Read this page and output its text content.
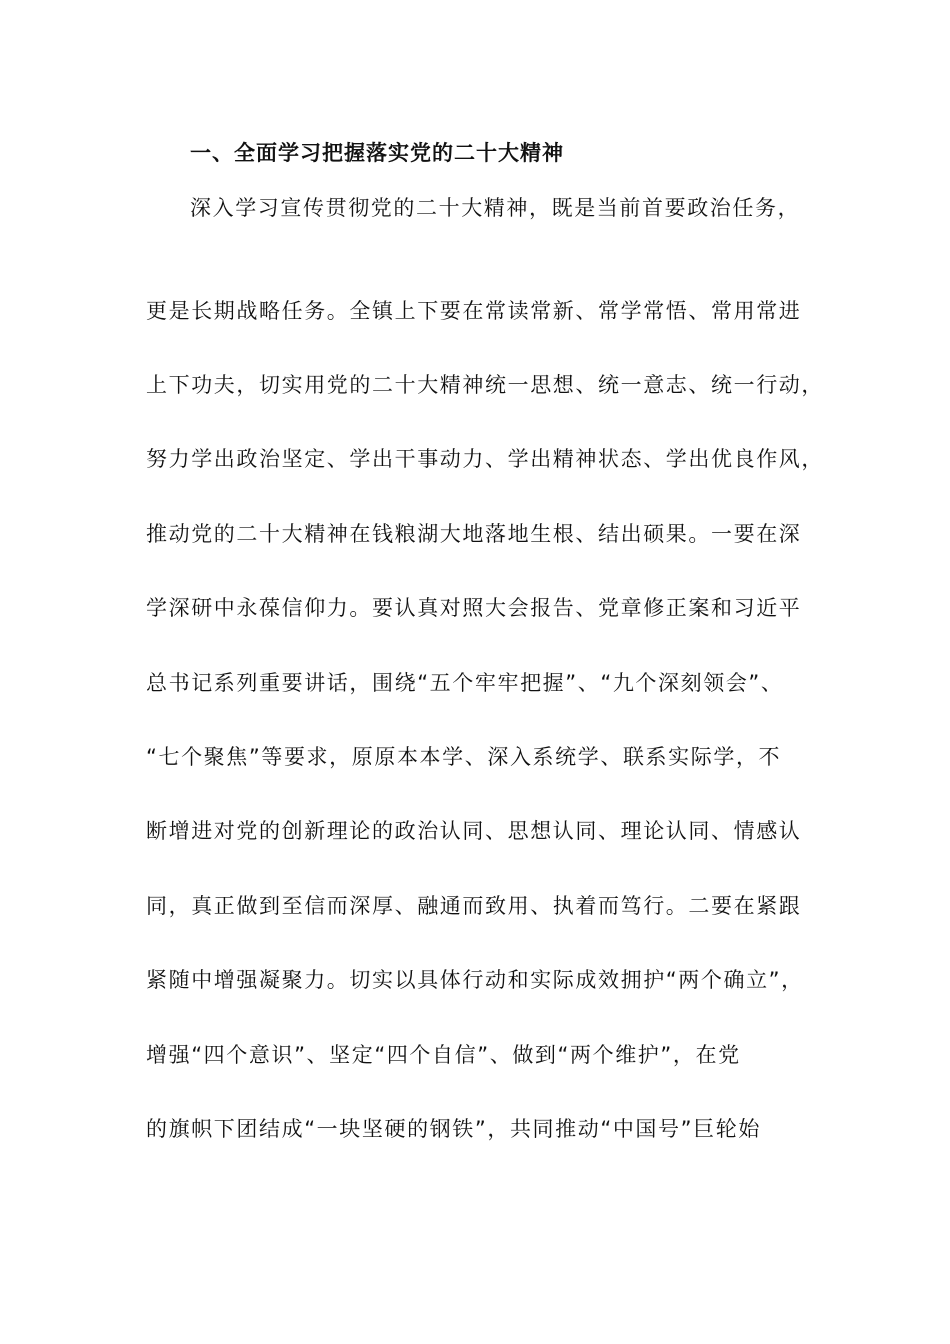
一、全面学习把握落实党的二十大精神
深入学习宣传贯彻党的二十大精神，既是当前首要政治任务，
更是长期战略任务。全镇上下要在常读常新、常学常悟、常用常进
上下功夫，切实用党的二十大精神统一思想、统一意志、统一行动，
努力学出政治坚定、学出干事动力、学出精神状态、学出优良作风，
推动党的二十大精神在钱粮湖大地落地生根、结出硕果。一要在深
学深研中永葆信仰力。要认真对照大会报告、党章修正案和习近平
总书记系列重要讲话，围绕“五个牢牢把握”、“九个深刻领会”、
“七个聚焦”等要求，原原本本学、深入系统学、联系实际学，不
断增进对党的创新理论的政治认同、思想认同、理论认同、情感认
同，真正做到至信而深厚、融通而致用、执着而笃行。二要在紧跟
紧随中增强凝聚力。切实以具体行动和实际成效拥护“两个确立”，
增强“四个意识”、坚定“四个自信”、做到“两个维护”，在党
的旗帜下团结成“一块坚硬的钢铁”，共同推动“中国号”巨轮始
